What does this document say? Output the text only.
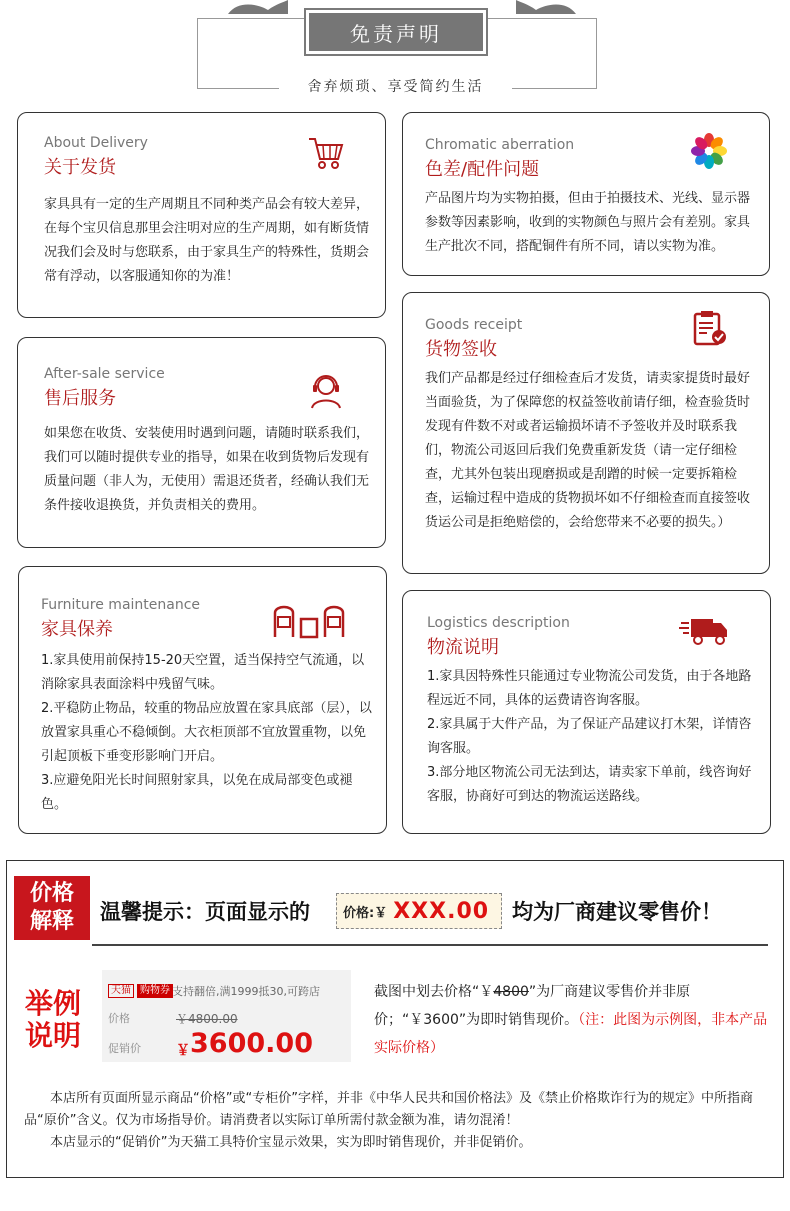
免责声明
舍弃烦琐、享受简约生活
About Delivery
关于发货
家具具有一定的生产周期且不同种类产品会有较大差异，在每个宝贝信息那里会注明对应的生产周期，如有断货情况我们会及时与您联系，由于家具生产的特殊性，货期会常有浮动，以客服通知你的为准！
Chromatic aberration
色差/配件问题
产品图片均为实物拍摄，但由于拍摄技术、光线、显示器参数等因素影响，收到的实物颜色与照片会有差别。家具生产批次不同，搭配铜件有所不同，请以实物为准。
Goods receipt
货物签收
我们产品都是经过仔细检查后才发货，请卖家提货时最好当面验货，为了保障您的权益签收前请仔细，检查验货时发现有件数不对或者运输损坏请不予签收并及时联系我们，物流公司返回后我们免费重新发货（请一定仔细检查，尤其外包装出现磨损或是刮蹭的时候一定要拆箱检查，运输过程中造成的货物损坏如不仔细检查而直接签收货运公司是拒绝赔偿的，会给您带来不必要的损失。）
After-sale service
售后服务
如果您在收货、安装使用时遇到问题，请随时联系我们，我们可以随时提供专业的指导，如果在收到货物后发现有质量问题（非人为，无使用）需退还货者，经确认我们无条件接收退换货，并负责相关的费用。
Furniture maintenance
家具保养
1.家具使用前保持15-20天空置，适当保持空气流通，以消除家具表面涂料中残留气味。
2.平稳防止物品，较重的物品应放置在家具底部（层），以放置家具重心不稳倾倒。大衣柜顶部不宜放置重物，以免引起顶板下垂变形影响门开启。
3.应避免阳光长时间照射家具，以免在成局部变色或褪色。
Logistics description
物流说明
1.家具因特殊性只能通过专业物流公司发货，由于各地路程远近不同，具体的运费请咨询客服。
2.家具属于大件产品，为了保证产品建议打木架，详情咨询客服。
3.部分地区物流公司无法到达，请卖家下单前，线咨询好客服，协商好可到达的物流运送路线。
价格
解释	温馨提示：页面显示的	价格:￥ XXX.00 均为厂商建议零售价！
举例
说明
天猫 购物券 支持翻倍,满1999抵30,可跨店
价格	￥4800.00
促销价	￥ 3600.00
截图中划去价格“￥4800”为厂商建议零售价并非原价；“￥3600”为即时销售现价。（注：此图为示例图，非本产品实际价格）
本店所有页面所显示商品“价格”或“专柜价”字样，并非《中华人民共和国价格法》及《禁止价格欺诈行为的规定》中所指商品“原价”含义。仅为市场指导价。请消费者以实际订单所需付款金额为准，请勿混淆！
本店显示的“促销价”为天猫工具特价宝显示效果，实为即时销售现价，并非促销价。
